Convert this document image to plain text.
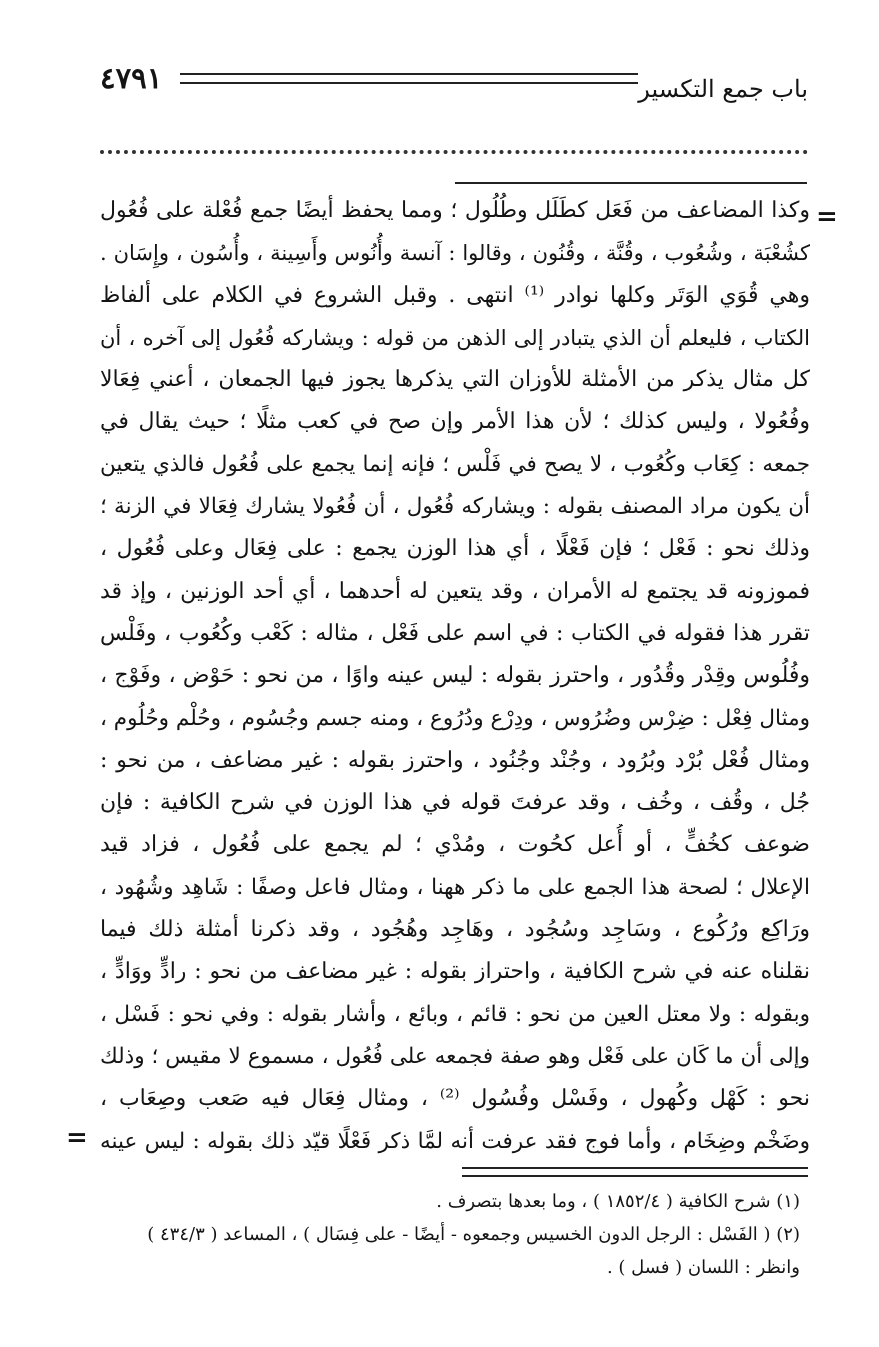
٤٧٩١	باب جمع التكسير
=
وكذا المضاعف من فَعَل كطَلَل وطُلُول ؛ ومما يحفظ أيضًا جمع فُعْلة على فُعُول
كشُعْبَة ، وشُعُوب ، وقُنَّة ، وقُنُون ، وقالوا : آنسة وأُنُوس وأَسِينة ، وأُسُون ، وإِسَان .
وهي قُوَي الوَتَر وكلها نوادر ⁽¹⁾ انتهى . وقبل الشروع في الكلام على ألفاظ
الكتاب ، فليعلم أن الذي يتبادر إلى الذهن من قوله : ويشاركه فُعُول إلى آخره ، أن
كل مثال يذكر من الأمثلة للأوزان التي يذكرها يجوز فيها الجمعان ، أعني فِعَالا
وفُعُولا ، وليس كذلك ؛ لأن هذا الأمر وإن صح في كعب مثلًا ؛ حيث يقال في
جمعه : كِعَاب وكُعُوب ، لا يصح في فَلْس ؛ فإنه إنما يجمع على فُعُول فالذي يتعين
أن يكون مراد المصنف بقوله : ويشاركه فُعُول ، أن فُعُولا يشارك فِعَالا في الزنة ؛
وذلك نحو : فَعْل ؛ فإن فَعْلًا ، أي هذا الوزن يجمع : على فِعَال وعلى فُعُول ،
فموزونه قد يجتمع له الأمران ، وقد يتعين له أحدهما ، أي أحد الوزنين ، وإذ قد
تقرر هذا فقوله في الكتاب : في اسم على فَعْل ، مثاله : كَعْب وكُعُوب ، وفَلْس
وفُلُوس وقِدْر وقُدُور ، واحترز بقوله : ليس عينه واوًا ، من نحو : حَوْض ، وفَوْج ،
ومثال فِعْل : ضِرْس وضُرُوس ، ودِرْع ودُرُوع ، ومنه جسم وجُسُوم ، وحُلْم وحُلُوم ،
ومثال فُعْل بُرْد وبُرُود ، وجُنْد وجُنُود ، واحترز بقوله : غير مضاعف ، من نحو :
جُل ، وقُف ، وخُف ، وقد عرفتَ قوله في هذا الوزن في شرح الكافية : فإن
ضوعف كخُفٍّ ، أو أُعل كحُوت ، ومُدْي ؛ لم يجمع على فُعُول ، فزاد قيد
الإعلال ؛ لصحة هذا الجمع على ما ذكر ههنا ، ومثال فاعل وصفًا : شَاهِد وشُهُود ،
ورَاكِع ورُكُوع ، وسَاجِد وسُجُود ، وهَاجِد وهُجُود ، وقد ذكرنا أمثلة ذلك فيما
نقلناه عنه في شرح الكافية ، واحتراز بقوله : غير مضاعف من نحو : رادٍّ ووَادٍّ ،
وبقوله : ولا معتل العين من نحو : قائم ، وبائع ، وأشار بقوله : وفي نحو : فَسْل ،
وإلى أن ما كَان على فَعْل وهو صفة فجمعه على فُعُول ، مسموع لا مقيس ؛ وذلك
نحو : كَهْل وكُهول ، وفَسْل وفُسُول ⁽²⁾ ، ومثال فِعَال فيه صَعب وصِعَاب ،
وضَخْم وضِخَام ، وأما فوج فقد عرفت أنه لمَّا ذكر فَعْلًا قيّد ذلك بقوله : ليس عينه
=
(١) شرح الكافية ( ١٨٥٢/٤ ) ، وما بعدها بتصرف .
(٢) ( الفَسْل : الرجل الدون الخسيس وجمعوه - أيضًا - على فِسَال ) ، المساعد ( ٤٣٤/٣ )
وانظر : اللسان ( فسل ) .
